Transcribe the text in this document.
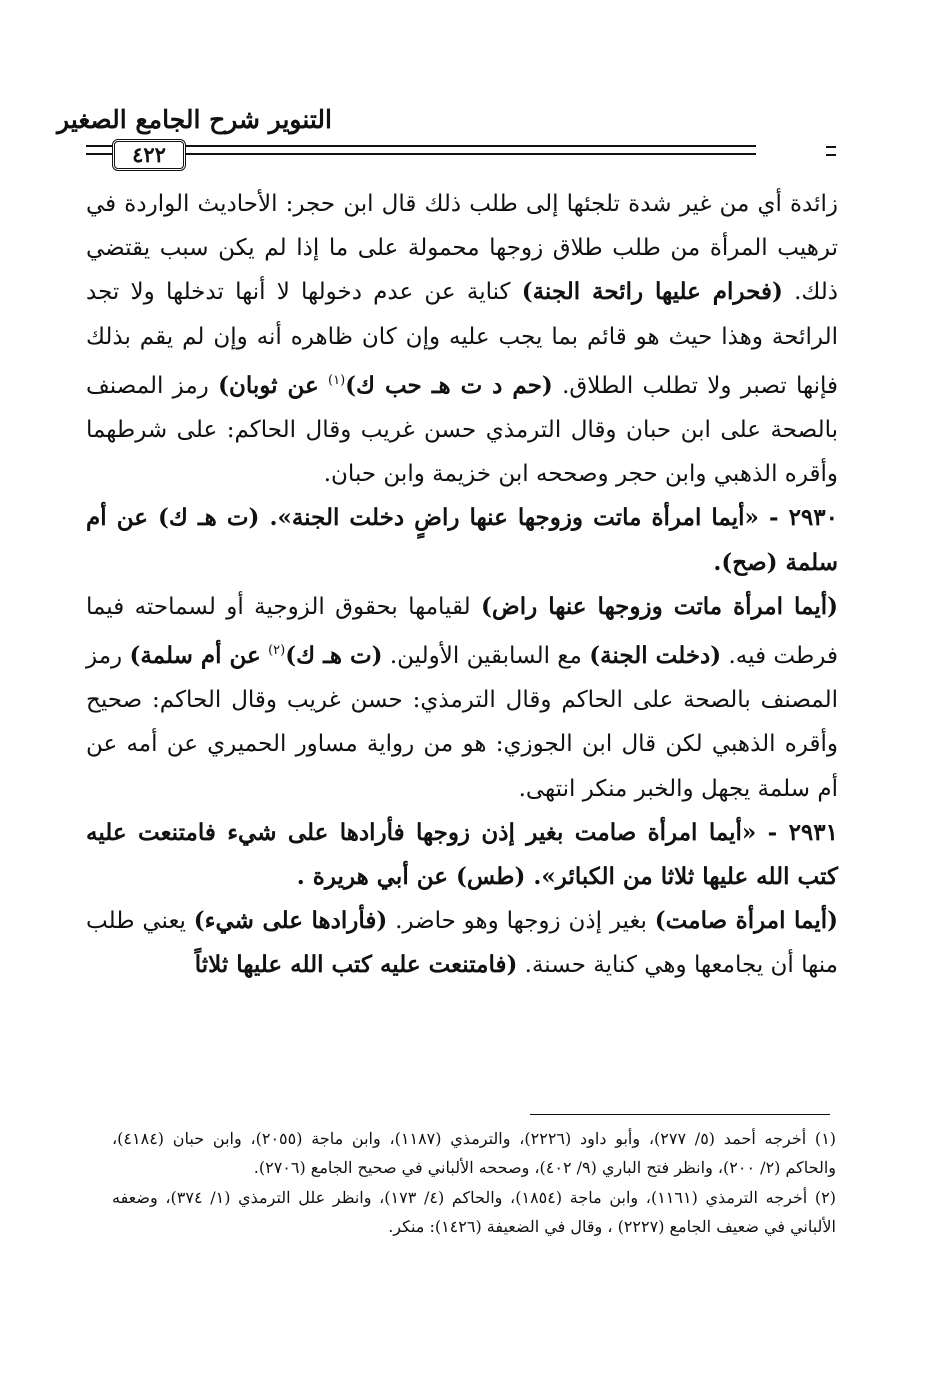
التنوير شرح الجامع الصغير
٤٢٢

زائدة أي من غير شدة تلجئها إلى طلب ذلك قال ابن حجر: الأحاديث الواردة في ترهيب المرأة من طلب طلاق زوجها محمولة على ما إذا لم يكن سبب يقتضي ذلك. (فحرام عليها رائحة الجنة) كناية عن عدم دخولها لا أنها تدخلها ولا تجد الرائحة وهذا حيث هو قائم بما يجب عليه وإن كان ظاهره أنه وإن لم يقم بذلك فإنها تصبر ولا تطلب الطلاق. (حم د ت هـ حب ك)$^{(١)}$ عن ثوبان) رمز المصنف بالصحة على ابن حبان وقال الترمذي حسن غريب وقال الحاكم: على شرطهما وأقره الذهبي وابن حجر وصححه ابن خزيمة وابن حبان.

٢٩٣٠ - «أيما امرأة ماتت وزوجها عنها راضٍ دخلت الجنة». (ت هـ ك) عن أم سلمة (صح).

(أيما امرأة ماتت وزوجها عنها راض) لقيامها بحقوق الزوجية أو لسماحته فيما فرطت فيه. (دخلت الجنة) مع السابقين الأولين. (ت هـ ك)$^{(٢)}$ عن أم سلمة) رمز المصنف بالصحة على الحاكم وقال الترمذي: حسن غريب وقال الحاكم: صحيح وأقره الذهبي لكن قال ابن الجوزي: هو من رواية مساور الحميري عن أمه عن أم سلمة يجهل والخبر منكر انتهى.

٢٩٣١ - «أيما امرأة صامت بغير إذن زوجها فأرادها على شيء فامتنعت عليه كتب الله عليها ثلاثا من الكبائر». (طس) عن أبي هريرة .

(أيما امرأة صامت) بغير إذن زوجها وهو حاضر. (فأرادها على شيء) يعني طلب منها أن يجامعها وهي كناية حسنة. (فامتنعت عليه كتب الله عليها ثلاثاً

(١) أخرجه أحمد (٥/ ٢٧٧)، وأبو داود (٢٢٢٦)، والترمذي (١١٨٧)، وابن ماجة (٢٠٥٥)، وابن حبان (٤١٨٤)، والحاكم (٢/ ٢٠٠)، وانظر فتح الباري (٩/ ٤٠٢)، وصححه الألباني في صحيح الجامع (٢٧٠٦).

(٢) أخرجه الترمذي (١١٦١)، وابن ماجة (١٨٥٤)، والحاكم (٤/ ١٧٣)، وانظر علل الترمذي (١/ ٣٧٤)، وضعفه الألباني في ضعيف الجامع (٢٢٢٧) ، وقال في الضعيفة (١٤٢٦): منكر.
